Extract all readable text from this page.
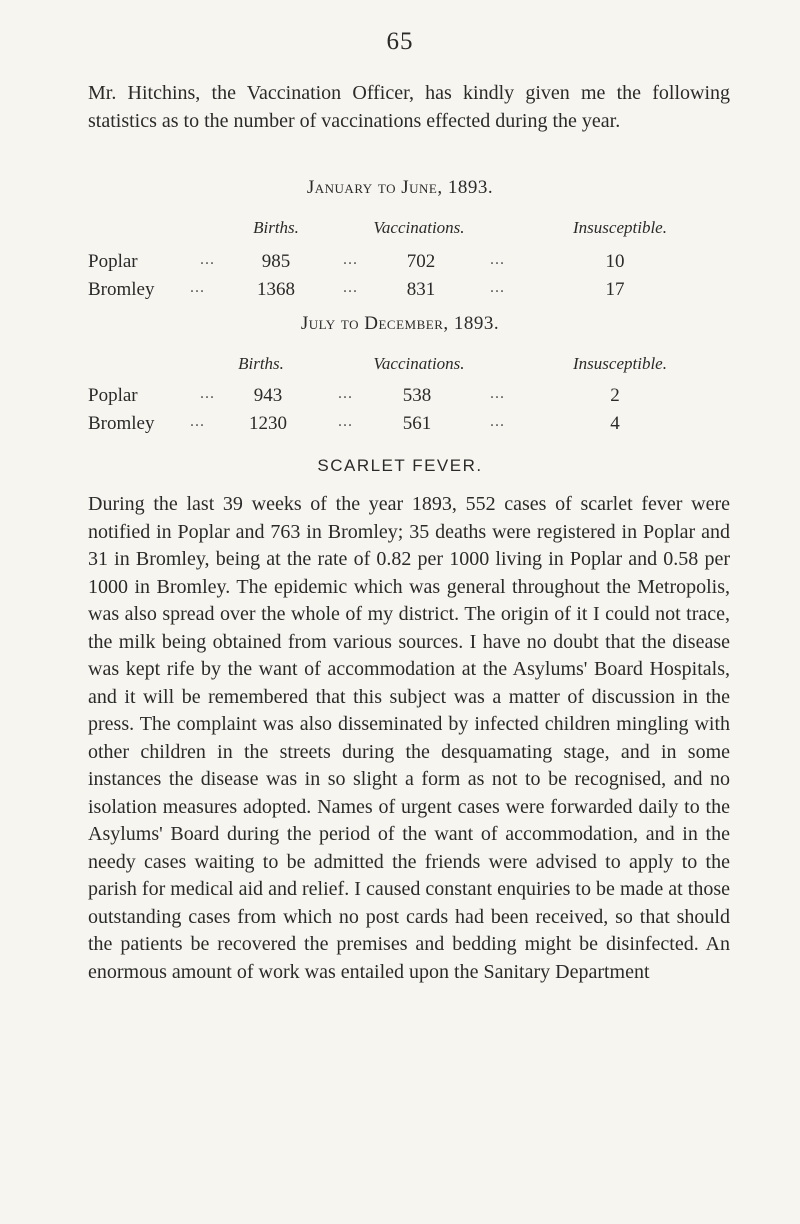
65

Mr. Hitchins, the Vaccination Officer, has kindly given me the following statistics as to the number of vaccinations effected during the year.

January to June, 1893.
Births.	Vaccinations.	Insusceptible.
Poplar	...	985	...	702	...	10
Bromley ...	1368	...	831	...	17
July to December, 1893.
Births.	Vaccinations.	Insusceptible.
Poplar	...	943	...	538	...	2
Bromley ...	1230	...	561	...	4
SCARLET FEVER.

During the last 39 weeks of the year 1893, 552 cases of scarlet fever were notified in Poplar and 763 in Bromley; 35 deaths were registered in Poplar and 31 in Bromley, being at the rate of 0.82 per 1000 living in Poplar and 0.58 per 1000 in Bromley. The epidemic which was general throughout the Metropolis, was also spread over the whole of my district. The origin of it I could not trace, the milk being obtained from various sources. I have no doubt that the disease was kept rife by the want of accommodation at the Asylums' Board Hospitals, and it will be remembered that this subject was a matter of discussion in the press. The complaint was also disseminated by infected children mingling with other children in the streets during the desquamating stage, and in some instances the disease was in so slight a form as not to be recognised, and no isolation measures adopted. Names of urgent cases were forwarded daily to the Asylums' Board during the period of the want of accommodation, and in the needy cases waiting to be admitted the friends were advised to apply to the parish for medical aid and relief. I caused constant enquiries to be made at those outstanding cases from which no post cards had been received, so that should the patients be recovered the premises and bedding might be disinfected. An enormous amount of work was entailed upon the Sanitary Department
